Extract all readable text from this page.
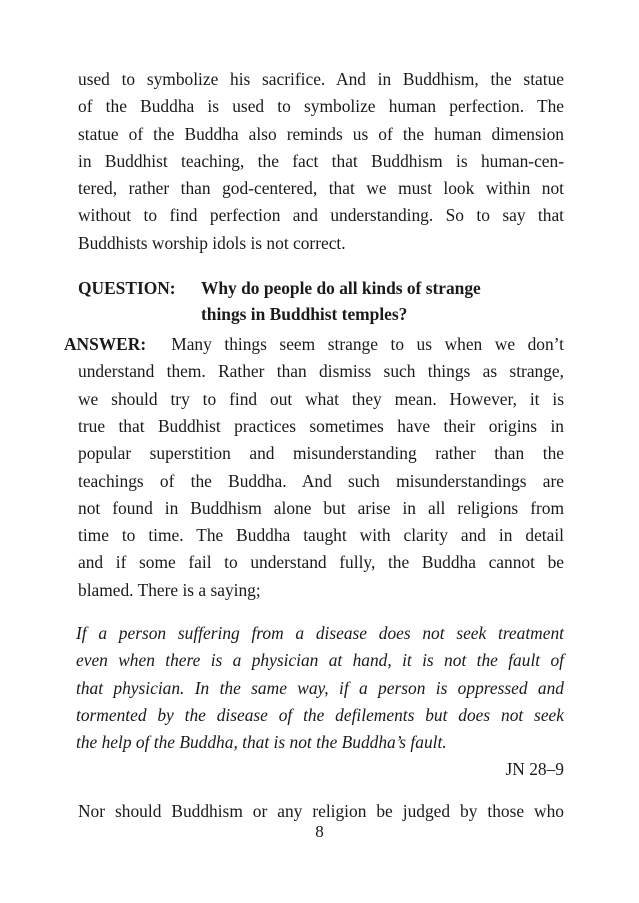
used to symbolize his sacrifice. And in Buddhism, the statue
of the Buddha is used to symbolize human perfection. The
statue of the Buddha also reminds us of the human dimension
in Buddhist teaching, the fact that Buddhism is human-cen-
tered, rather than god-centered, that we must look within not
without to find perfection and understanding. So to say that
Buddhists worship idols is not correct.

QUESTION:	Why do people do all kinds of strange
things in Buddhist temples?
ANSWER: Many things seem strange to us when we don’t
understand them. Rather than dismiss such things as strange,
we should try to find out what they mean. However, it is
true that Buddhist practices sometimes have their origins in
popular superstition and misunderstanding rather than the
teachings of the Buddha. And such misunderstandings are
not found in Buddhism alone but arise in all religions from
time to time. The Buddha taught with clarity and in detail
and if some fail to understand fully, the Buddha cannot be
blamed. There is a saying;
If a person suffering from a disease does not seek treatment
even when there is a physician at hand, it is not the fault of
that physician. In the same way, if a person is oppressed and
tormented by the disease of the defilements but does not seek
the help of the Buddha, that is not the Buddha’s fault.
JN 28–9
Nor should Buddhism or any religion be judged by those who
8
